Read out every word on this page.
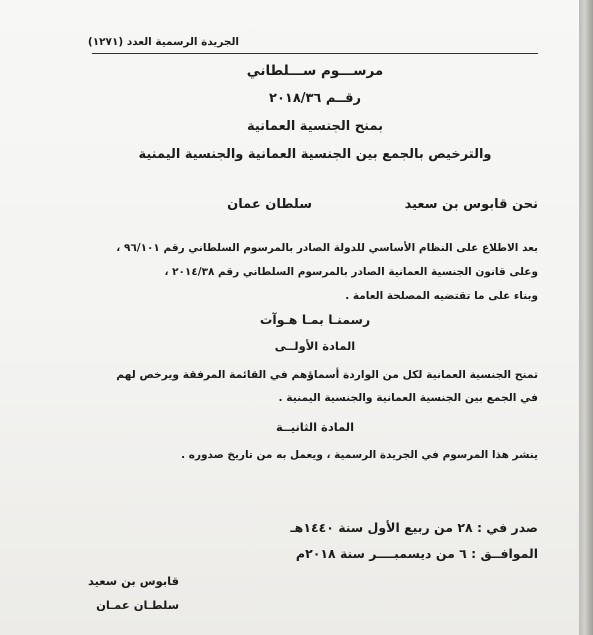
الجريدة الرسمية العدد (١٢٧١)
مرســـوم ســـلطاني
رقــم ٢٠١٨/٣٦
بمنح الجنسية العمانية
والترخيص بالجمع بين الجنسية العمانية والجنسية اليمنية
نحن قابوس بن سعيد
سلطان عمان
بعد الاطلاع على النظام الأساسي للدولة الصادر بالمرسوم السلطاني رقم ٩٦/١٠١ ،
وعلى قانون الجنسية العمانية الصادر بالمرسوم السلطاني رقم ٢٠١٤/٣٨ ،
وبناء على ما تقتضيه المصلحة العامة .
رسمنـا بمـا هـوآت
المادة الأولــى
تمنح الجنسية العمانية لكل من الواردة أسماؤهم في القائمة المرفقة ويرخص لهم
في الجمع بين الجنسية العمانية والجنسية اليمنية .
المادة الثانيــة
ينشر هذا المرسوم في الجريدة الرسمية ، ويعمل به من تاريخ صدوره .
صدر في : ٢٨ من ربيع الأول سنة ١٤٤٠هـ
الموافــق : ٦ من ديسمبــــر سنة ٢٠١٨م
قابوس بن سعيد
سلطـان عمـان
